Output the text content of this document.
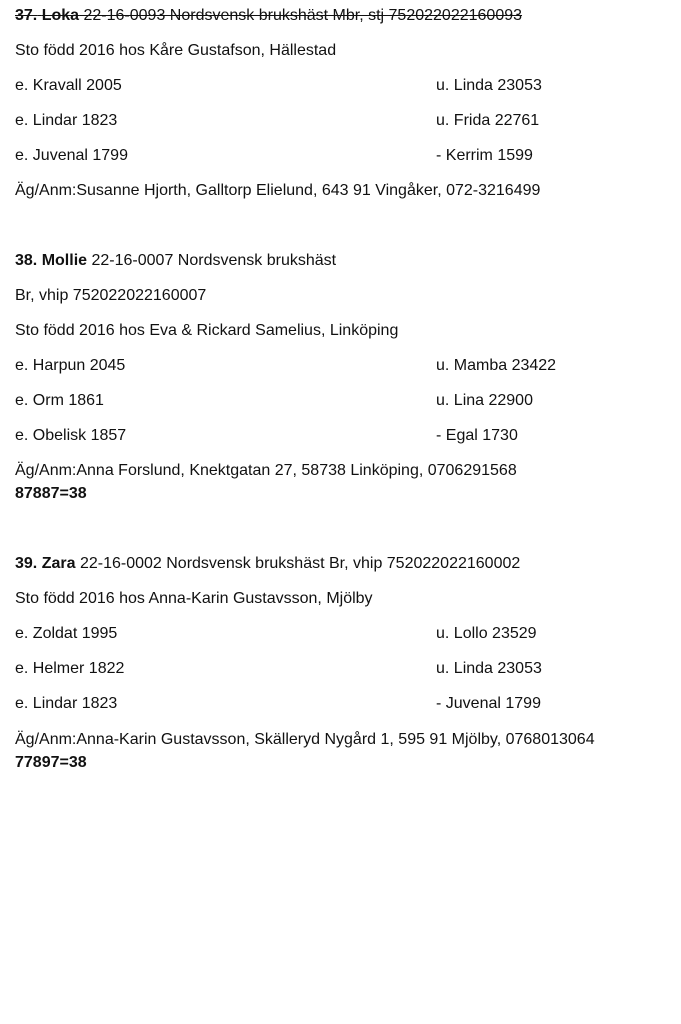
37. Loka 22-16-0093 Nordsvensk brukshäst Mbr, stj 752022022160093
Sto född 2016 hos Kåre Gustafson, Hällestad
e. Kravall 2005	u. Linda 23053
e. Lindar 1823	u. Frida 22761
e. Juvenal 1799	- Kerrim 1599
Äg/Anm:Susanne Hjorth, Galltorp Elielund, 643 91 Vingåker, 072-3216499
38. Mollie 22-16-0007 Nordsvensk brukshäst
Br, vhip 752022022160007
Sto född 2016 hos Eva & Rickard Samelius, Linköping
e. Harpun 2045	u. Mamba 23422
e. Orm 1861	u. Lina 22900
e. Obelisk 1857	- Egal 1730
Äg/Anm:Anna Forslund, Knektgatan 27, 58738 Linköping, 0706291568
87887=38
39. Zara 22-16-0002 Nordsvensk brukshäst Br, vhip 752022022160002
Sto född 2016 hos Anna-Karin Gustavsson, Mjölby
e. Zoldat 1995	u. Lollo 23529
e. Helmer 1822	u. Linda 23053
e. Lindar 1823	- Juvenal 1799
Äg/Anm:Anna-Karin Gustavsson, Skälleryd Nygård 1, 595 91 Mjölby, 0768013064
77897=38
